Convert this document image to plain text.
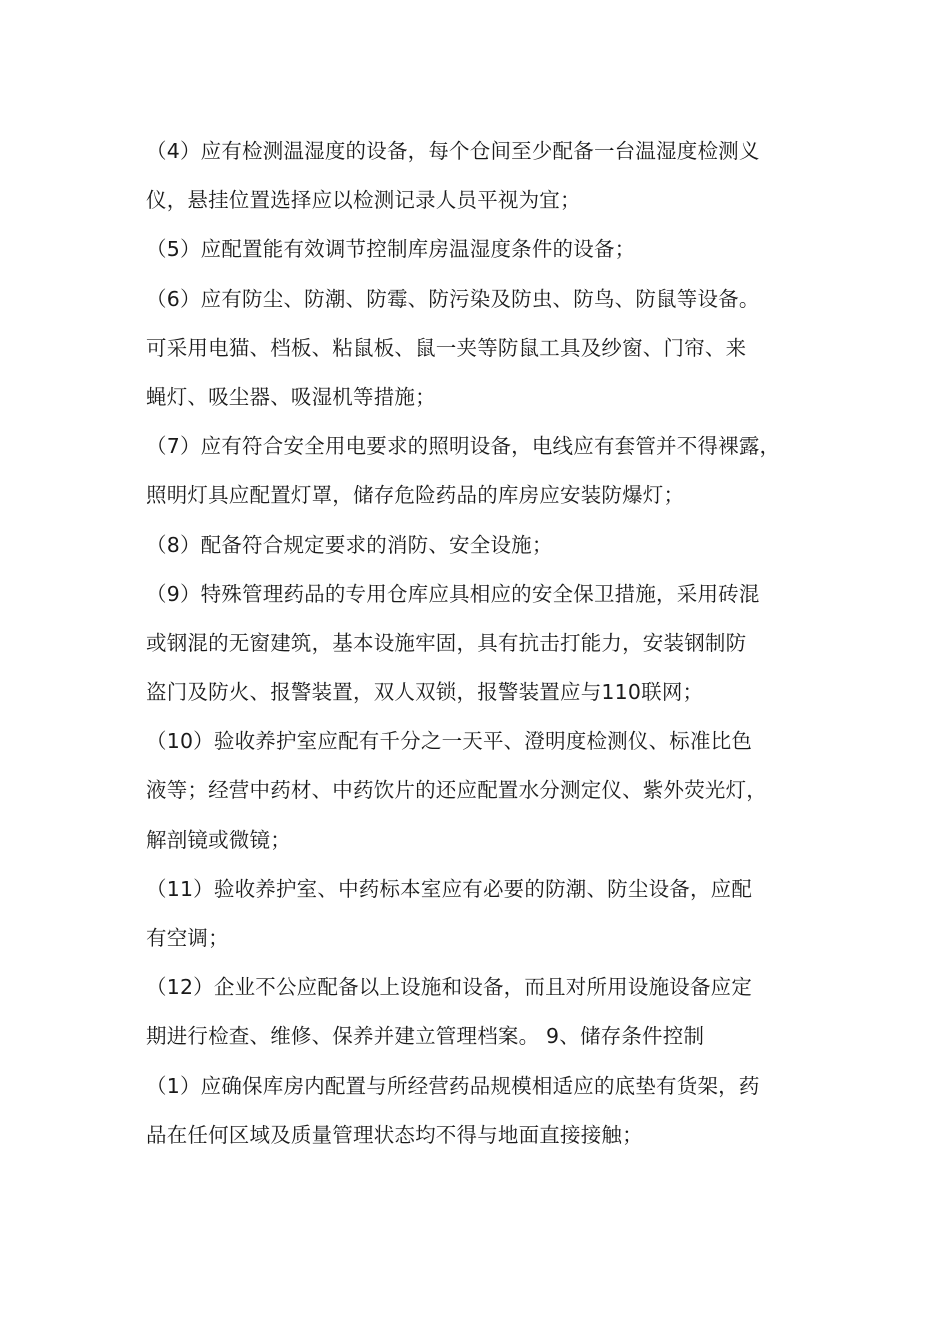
（4）应有检测温湿度的设备，每个仓间至少配备一台温湿度检测义
仪，悬挂位置选择应以检测记录人员平视为宜；
（5）应配置能有效调节控制库房温湿度条件的设备；
（6）应有防尘、防潮、防霉、防污染及防虫、防鸟、防鼠等设备。
可采用电猫、档板、粘鼠板、鼠一夹等防鼠工具及纱窗、门帘、来
蝇灯、吸尘器、吸湿机等措施；
（7）应有符合安全用电要求的照明设备，电线应有套管并不得裸露，
照明灯具应配置灯罩，储存危险药品的库房应安装防爆灯；
（8）配备符合规定要求的消防、安全设施；
（9）特殊管理药品的专用仓库应具相应的安全保卫措施，采用砖混
或钢混的无窗建筑，基本设施牢固，具有抗击打能力，安装钢制防
盗门及防火、报警装置，双人双锁，报警装置应与110联网；
（10）验收养护室应配有千分之一天平、澄明度检测仪、标准比色
液等；经营中药材、中药饮片的还应配置水分测定仪、紫外荧光灯，
解剖镜或微镜；
（11）验收养护室、中药标本室应有必要的防潮、防尘设备，应配
有空调；
（12）企业不公应配备以上设施和设备，而且对所用设施设备应定
期进行检查、维修、保养并建立管理档案。 9、储存条件控制
（1）应确保库房内配置与所经营药品规模相适应的底垫有货架，药
品在任何区域及质量管理状态均不得与地面直接接触；
